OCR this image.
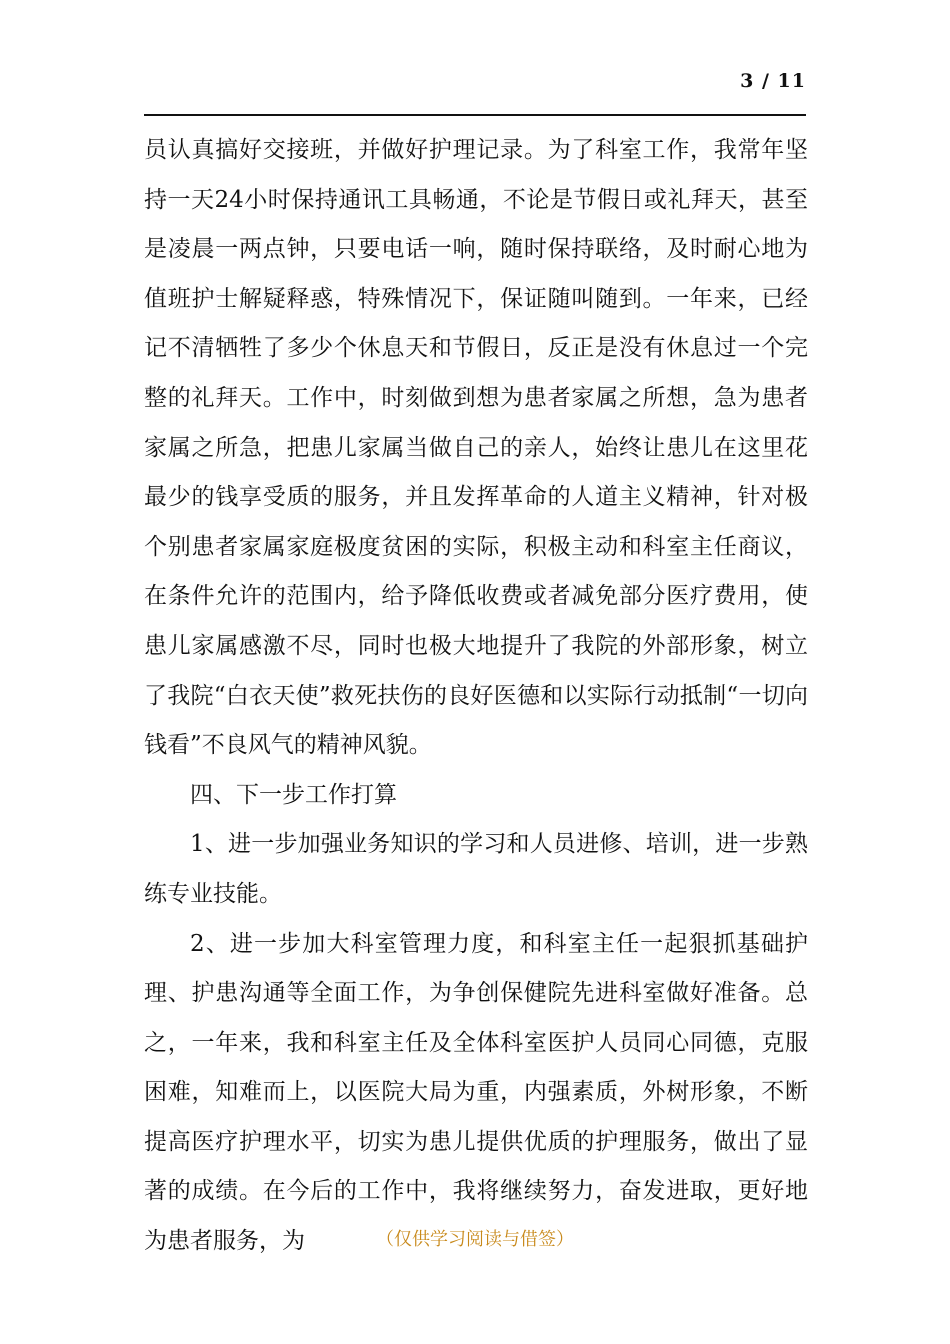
3 / 11

员认真搞好交接班，并做好护理记录。为了科室工作，我常年坚持一天24小时保持通讯工具畅通，不论是节假日或礼拜天，甚至是凌晨一两点钟，只要电话一响，随时保持联络，及时耐心地为值班护士解疑释惑，特殊情况下，保证随叫随到。一年来，已经记不清牺牲了多少个休息天和节假日，反正是没有休息过一个完整的礼拜天。工作中，时刻做到想为患者家属之所想，急为患者家属之所急，把患儿家属当做自己的亲人，始终让患儿在这里花最少的钱享受质的服务，并且发挥革命的人道主义精神，针对极个别患者家属家庭极度贫困的实际，积极主动和科室主任商议，在条件允许的范围内，给予降低收费或者减免部分医疗费用，使患儿家属感激不尽，同时也极大地提升了我院的外部形象，树立了我院“白衣天使”救死扶伤的良好医德和以实际行动抵制“一切向钱看”不良风气的精神风貌。

四、下一步工作打算

1、进一步加强业务知识的学习和人员进修、培训，进一步熟练专业技能。

2、进一步加大科室管理力度，和科室主任一起狠抓基础护理、护患沟通等全面工作，为争创保健院先进科室做好准备。总之，一年来，我和科室主任及全体科室医护人员同心同德，克服困难，知难而上，以医院大局为重，内强素质，外树形象，不断提高医疗护理水平，切实为患儿提供优质的护理服务，做出了显著的成绩。在今后的工作中，我将继续努力，奋发进取，更好地为患者服务，为	（仅供学习阅读与借签）
